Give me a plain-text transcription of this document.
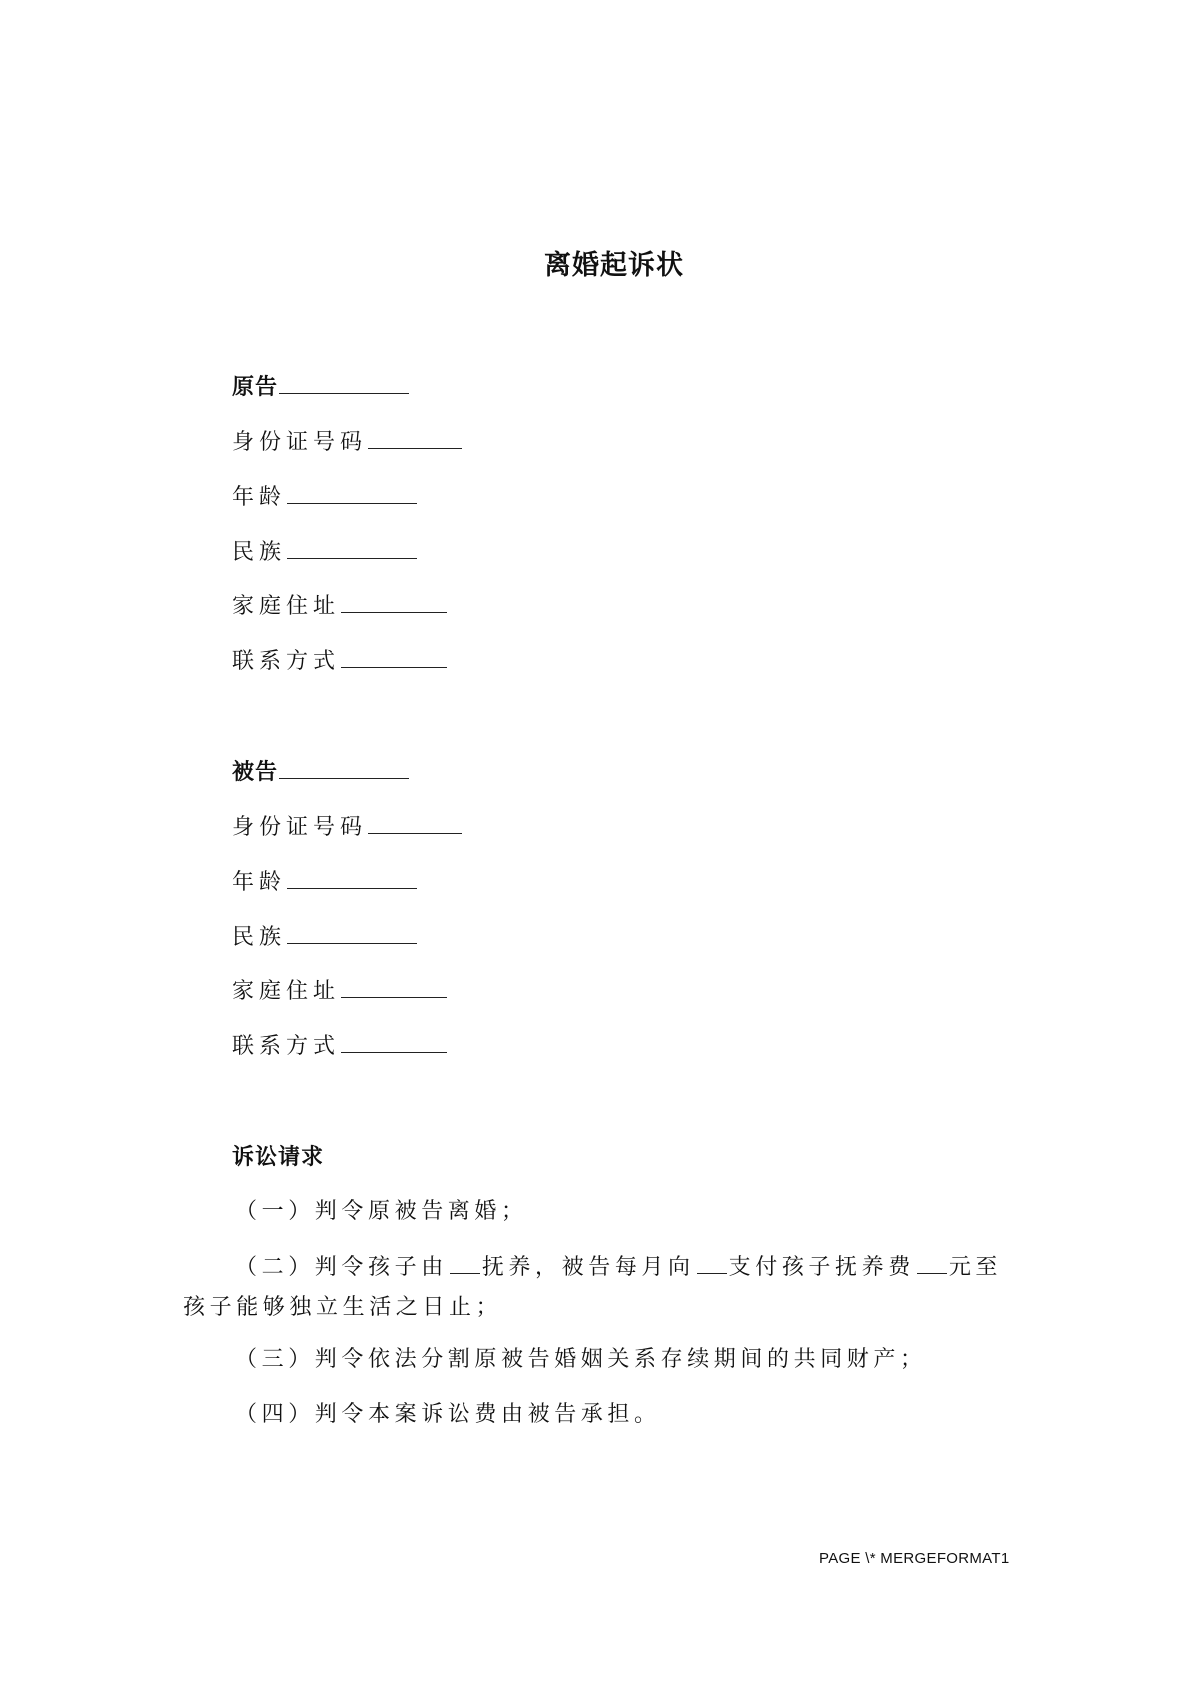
离婚起诉状
原告
身份证号码
年龄
民族
家庭住址
联系方式
被告
身份证号码
年龄
民族
家庭住址
联系方式
诉讼请求
（一）判令原被告离婚；
（二）判令孩子由 抚养，被告每月向 支付孩子抚养费 元至孩子能够独立生活之日止；
（三）判令依法分割原被告婚姻关系存续期间的共同财产；
（四）判令本案诉讼费由被告承担。
PAGE \* MERGEFORMAT1
